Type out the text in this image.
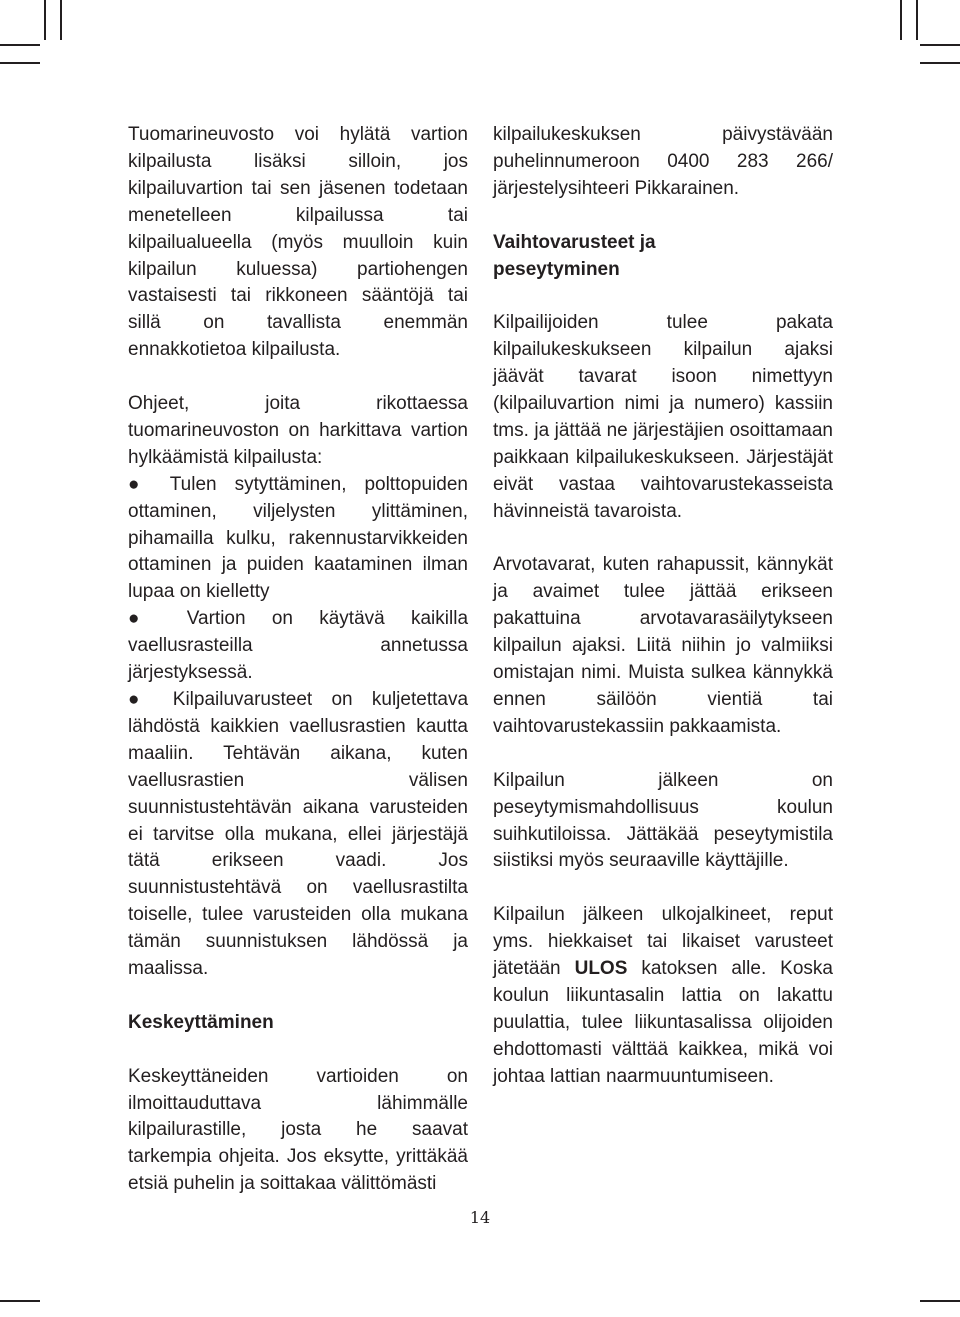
Tuomarineuvosto voi hylätä vartion kilpailusta lisäksi silloin, jos kilpailuvartion tai sen jäsenen todetaan menetelleen kilpailussa tai kilpailualueella (myös muulloin kuin kilpailun kuluessa) partiohengen vastaisesti tai rikkoneen sääntöjä tai sillä on tavallista enemmän ennakkotietoa kilpailusta.

Ohjeet, joita rikottaessa tuomarineuvoston on harkittava vartion hylkäämistä kilpailusta:

● Tulen sytyttäminen, polttopuiden ottaminen, viljelysten ylittäminen, pihamailla kulku, rakennustarvikkeiden ottaminen ja puiden kaataminen ilman lupaa on kielletty

● Vartion on käytävä kaikilla vaellusrasteilla annetussa järjestyksessä.

● Kilpailuvarusteet on kuljetettava lähdöstä kaikkien vaellusrastien kautta maaliin. Tehtävän aikana, kuten vaellusrastien välisen suunnistustehtävän aikana varusteiden ei tarvitse olla mukana, ellei järjestäjä tätä erikseen vaadi. Jos suunnistustehtävä on vaellusrastilta toiselle, tulee varusteiden olla mukana tämän suunnistuksen lähdössä ja maalissa.

Keskeyttäminen

Keskeyttäneiden vartioiden on ilmoittauduttava lähimmälle kilpailurastille, josta he saavat tarkempia ohjeita. Jos eksytte, yrittäkää etsiä puhelin ja soittakaa välittömästi

kilpailukeskuksen päivystävään puhelinnumeroon 0400 283 266/ järjestelysihteeri Pikkarainen.

Vaihtovarusteet ja peseytyminen

Kilpailijoiden tulee pakata kilpailukeskukseen kilpailun ajaksi jäävät tavarat isoon nimettyyn (kilpailuvartion nimi ja numero) kassiin tms. ja jättää ne järjestäjien osoittamaan paikkaan kilpailukeskukseen. Järjestäjät eivät vastaa vaihtovarustekasseista hävinneistä tavaroista.

Arvotavarat, kuten rahapussit, kännykät ja avaimet tulee jättää erikseen pakattuina arvotavarasäilytykseen kilpailun ajaksi. Liitä niihin jo valmiiksi omistajan nimi. Muista sulkea kännykkä ennen säilöön vientiä tai vaihtovarustekassiin pakkaamista.

Kilpailun jälkeen on peseytymismahdollisuus koulun suihkutiloissa. Jättäkää peseytymistila siistiksi myös seuraaville käyttäjille.

Kilpailun jälkeen ulkojalkineet, reput yms. hiekkaiset tai likaiset varusteet jätetään ULOS katoksen alle. Koska koulun liikuntasalin lattia on lakattu puulattia, tulee liikuntasalissa olijoiden ehdottomasti välttää kaikkea, mikä voi johtaa lattian naarmuuntumiseen.

14
